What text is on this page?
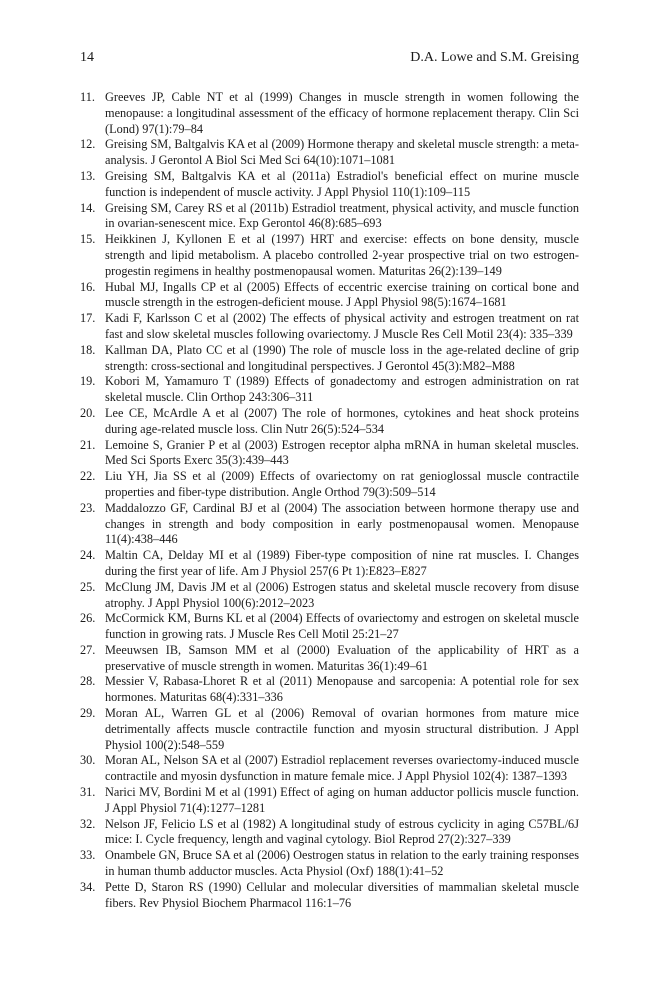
14	D.A. Lowe and S.M. Greising
11. Greeves JP, Cable NT et al (1999) Changes in muscle strength in women following the menopause: a longitudinal assessment of the efficacy of hormone replacement therapy. Clin Sci (Lond) 97(1):79–84
12. Greising SM, Baltgalvis KA et al (2009) Hormone therapy and skeletal muscle strength: a meta-analysis. J Gerontol A Biol Sci Med Sci 64(10):1071–1081
13. Greising SM, Baltgalvis KA et al (2011a) Estradiol's beneficial effect on murine muscle function is independent of muscle activity. J Appl Physiol 110(1):109–115
14. Greising SM, Carey RS et al (2011b) Estradiol treatment, physical activity, and muscle function in ovarian-senescent mice. Exp Gerontol 46(8):685–693
15. Heikkinen J, Kyllonen E et al (1997) HRT and exercise: effects on bone density, muscle strength and lipid metabolism. A placebo controlled 2-year prospective trial on two estrogen-progestin regimens in healthy postmenopausal women. Maturitas 26(2):139–149
16. Hubal MJ, Ingalls CP et al (2005) Effects of eccentric exercise training on cortical bone and muscle strength in the estrogen-deficient mouse. J Appl Physiol 98(5):1674–1681
17. Kadi F, Karlsson C et al (2002) The effects of physical activity and estrogen treatment on rat fast and slow skeletal muscles following ovariectomy. J Muscle Res Cell Motil 23(4): 335–339
18. Kallman DA, Plato CC et al (1990) The role of muscle loss in the age-related decline of grip strength: cross-sectional and longitudinal perspectives. J Gerontol 45(3):M82–M88
19. Kobori M, Yamamuro T (1989) Effects of gonadectomy and estrogen administration on rat skeletal muscle. Clin Orthop 243:306–311
20. Lee CE, McArdle A et al (2007) The role of hormones, cytokines and heat shock proteins during age-related muscle loss. Clin Nutr 26(5):524–534
21. Lemoine S, Granier P et al (2003) Estrogen receptor alpha mRNA in human skeletal muscles. Med Sci Sports Exerc 35(3):439–443
22. Liu YH, Jia SS et al (2009) Effects of ovariectomy on rat genioglossal muscle contractile properties and fiber-type distribution. Angle Orthod 79(3):509–514
23. Maddalozzo GF, Cardinal BJ et al (2004) The association between hormone therapy use and changes in strength and body composition in early postmenopausal women. Menopause 11(4):438–446
24. Maltin CA, Delday MI et al (1989) Fiber-type composition of nine rat muscles. I. Changes during the first year of life. Am J Physiol 257(6 Pt 1):E823–E827
25. McClung JM, Davis JM et al (2006) Estrogen status and skeletal muscle recovery from disuse atrophy. J Appl Physiol 100(6):2012–2023
26. McCormick KM, Burns KL et al (2004) Effects of ovariectomy and estrogen on skeletal muscle function in growing rats. J Muscle Res Cell Motil 25:21–27
27. Meeuwsen IB, Samson MM et al (2000) Evaluation of the applicability of HRT as a preservative of muscle strength in women. Maturitas 36(1):49–61
28. Messier V, Rabasa-Lhoret R et al (2011) Menopause and sarcopenia: A potential role for sex hormones. Maturitas 68(4):331–336
29. Moran AL, Warren GL et al (2006) Removal of ovarian hormones from mature mice detrimentally affects muscle contractile function and myosin structural distribution. J Appl Physiol 100(2):548–559
30. Moran AL, Nelson SA et al (2007) Estradiol replacement reverses ovariectomy-induced muscle contractile and myosin dysfunction in mature female mice. J Appl Physiol 102(4): 1387–1393
31. Narici MV, Bordini M et al (1991) Effect of aging on human adductor pollicis muscle function. J Appl Physiol 71(4):1277–1281
32. Nelson JF, Felicio LS et al (1982) A longitudinal study of estrous cyclicity in aging C57BL/6J mice: I. Cycle frequency, length and vaginal cytology. Biol Reprod 27(2):327–339
33. Onambele GN, Bruce SA et al (2006) Oestrogen status in relation to the early training responses in human thumb adductor muscles. Acta Physiol (Oxf) 188(1):41–52
34. Pette D, Staron RS (1990) Cellular and molecular diversities of mammalian skeletal muscle fibers. Rev Physiol Biochem Pharmacol 116:1–76
